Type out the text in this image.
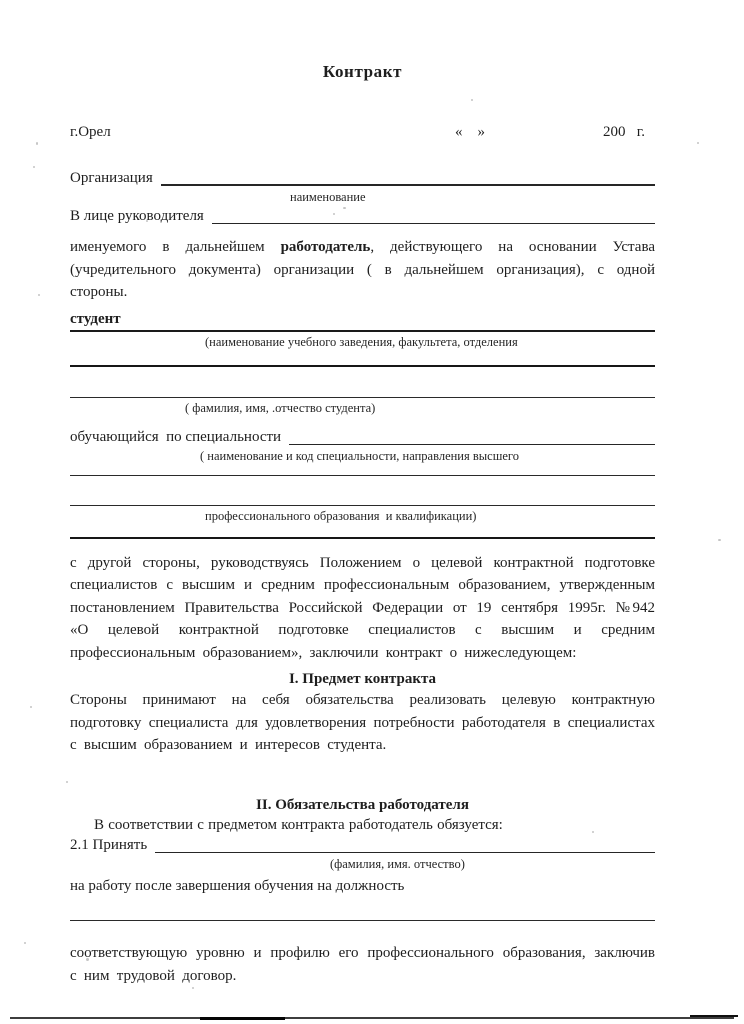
Контракт
г.Орел	«    »	200   г.
Организация
наименование
В лице руководителя

именуемого в дальнейшем работодатель, действующего на основании Устава (учредительного документа) организации ( в дальнейшем организация), с одной стороны.

студент
(наименование учебного заведения, факультета, отделения
( фамилия, имя, .отчество студента)
обучающийся  по специальности
( наименование и код специальности, направления высшего
профессионального образования  и квалификации)

с другой стороны, руководствуясь Положением о целевой контрактной подготовке специалистов с высшим и средним профессиональным образованием, утвержденным постановлением Правительства Российской Федерации от 19 сентября 1995г. №942 «О целевой контрактной подготовке специалистов с высшим и средним профессиональным образованием», заключили контракт о нижеследующем:

I. Предмет контракта

Стороны принимают на себя обязательства реализовать целевую контрактную подготовку специалиста для удовлетворения потребности работодателя в специалистах с высшим образованием и интересов студента.

II. Обязательства работодателя

В соответствии с предметом контракта работодатель обязуется:

2.1 Принять
(фамилия, имя. отчество)
на работу после завершения обучения на должность

соответствующую уровню и профилю его профессионального образования, заключив с ним трудовой договор.
